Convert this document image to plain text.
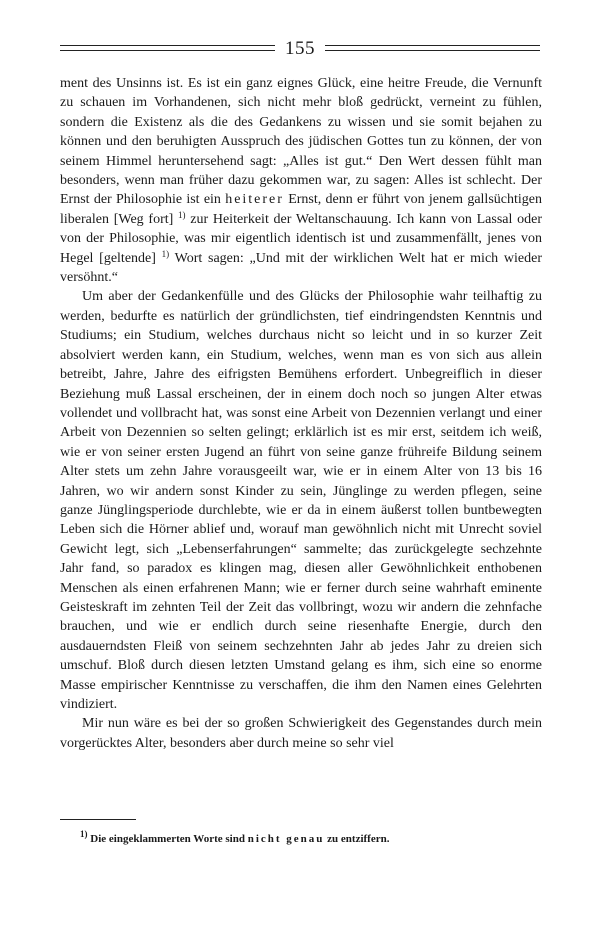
155

ment des Unsinns ist. Es ist ein ganz eignes Glück, eine heitre Freude, die Vernunft zu schauen im Vorhandenen, sich nicht mehr bloß gedrückt, verneint zu fühlen, sondern die Existenz als die des Gedankens zu wissen und sie somit bejahen zu können und den beruhigten Ausspruch des jüdischen Gottes tun zu können, der von seinem Himmel heruntersehend sagt: „Alles ist gut.“ Den Wert dessen fühlt man besonders, wenn man früher dazu gekommen war, zu sagen: Alles ist schlecht. Der Ernst der Philosophie ist ein heiterer Ernst, denn er führt von jenem gallsüchtigen liberalen [Weg fort] $^{1)}$ zur Heiterkeit der Weltanschauung. Ich kann von Lassal oder von der Philosophie, was mir eigentlich identisch ist und zusammenfällt, jenes von Hegel [geltende] $^{1)}$ Wort sagen: „Und mit der wirklichen Welt hat er mich wieder versöhnt.“

Um aber der Gedankenfülle und des Glücks der Philosophie wahr teilhaftig zu werden, bedurfte es natürlich der gründlichsten, tief eindringendsten Kenntnis und Studiums; ein Studium, welches durchaus nicht so leicht und in so kurzer Zeit absolviert werden kann, ein Studium, welches, wenn man es von sich aus allein betreibt, Jahre, Jahre des eifrigsten Bemühens erfordert. Unbegreiflich in dieser Beziehung muß Lassal erscheinen, der in einem doch noch so jungen Alter etwas vollendet und vollbracht hat, was sonst eine Arbeit von Dezennien verlangt und einer Arbeit von Dezennien so selten gelingt; erklärlich ist es mir erst, seitdem ich weiß, wie er von seiner ersten Jugend an führt von seine ganze frühreife Bildung seinem Alter stets um zehn Jahre vorausgeeilt war, wie er in einem Alter von 13 bis 16 Jahren, wo wir andern sonst Kinder zu sein, Jünglinge zu werden pflegen, seine ganze Jünglingsperiode durchlebte, wie er da in einem äußerst tollen buntbewegten Leben sich die Hörner ablief und, worauf man gewöhnlich nicht mit Unrecht soviel Gewicht legt, sich „Lebenserfahrungen“ sammelte; das zurückgelegte sechzehnte Jahr fand, so paradox es klingen mag, diesen aller Gewöhnlichkeit enthobenen Menschen als einen erfahrenen Mann; wie er ferner durch seine wahrhaft eminente Geisteskraft im zehnten Teil der Zeit das vollbringt, wozu wir andern die zehnfache brauchen, und wie er endlich durch seine riesenhafte Energie, durch den ausdauerndsten Fleiß von seinem sechzehnten Jahr ab jedes Jahr zu dreien sich umschuf. Bloß durch diesen letzten Umstand gelang es ihm, sich eine so enorme Masse empirischer Kenntnisse zu verschaffen, die ihm den Namen eines Gelehrten vindiziert.

Mir nun wäre es bei der so großen Schwierigkeit des Gegenstandes durch mein vorgerücktes Alter, besonders aber durch meine so sehr viel

$^{1)}$ Die eingeklammerten Worte sind nicht genau zu entziffern.
